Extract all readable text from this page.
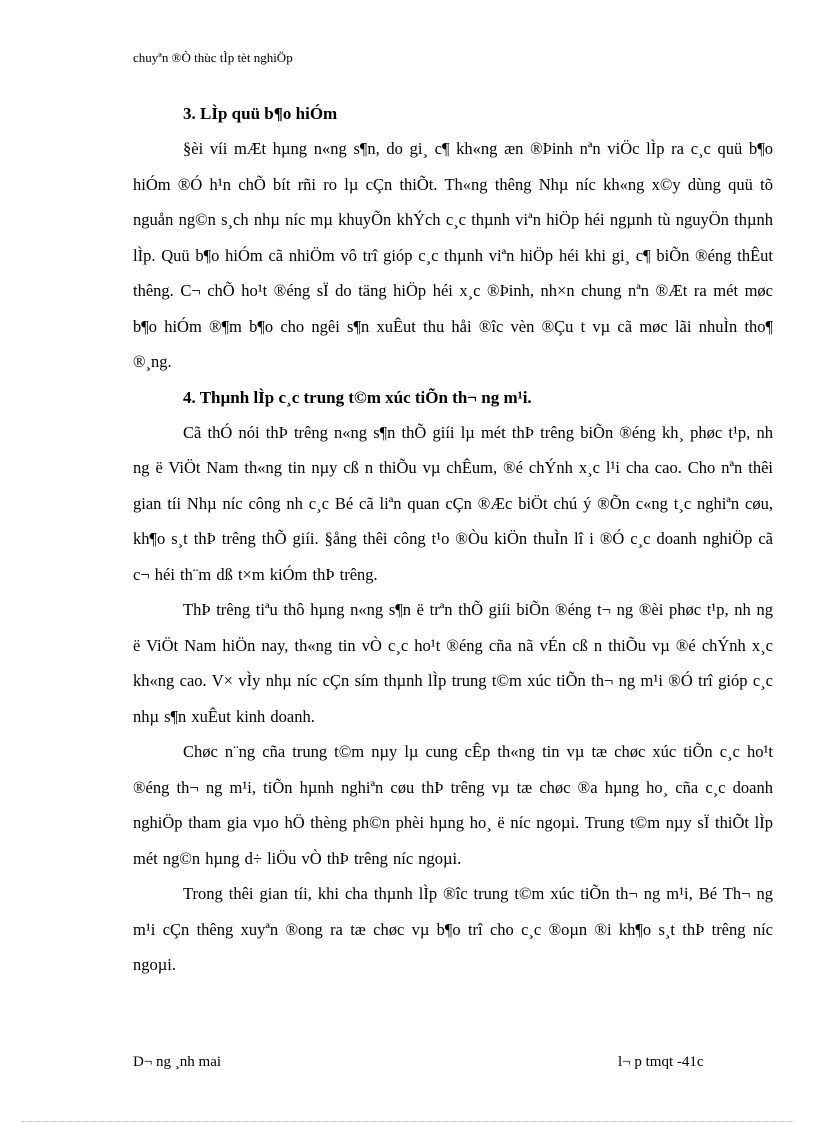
chuyªn ®Ò thùc tÌp tèt nghiÖp

3. LÌp quü b¶o hiÓm

§èi víi mÆt hµng n«ng s¶n, do gi¸ c¶ kh«ng æn ®Þinh nªn viÖc lÌp ra c¸c quü b¶o hiÓm ®Ó h¹n chÕ bít rñi ro lµ cÇn thiÕt. Th«ng thêng Nhµ níc kh«ng x©y dùng quü tõ nguån ng©n s¸ch nhµ níc mµ khuyÕn khÝch c¸c thµnh viªn hiÖp héi ngµnh tù nguyÖn thµnh lÌp. Quü b¶o hiÓm cã nhiÖm vô trî gióp c¸c thµnh viªn hiÖp héi khi gi¸ c¶ biÕn ®éng thÊut thêng. C¬ chÕ ho¹t ®éng sÏ do täng hiÖp héi x¸c ®Þinh, nh×n chung nªn ®Æt ra mét møc b¶o hiÓm ®¶m b¶o cho ngêi s¶n xuÊut thu håi ®îc vèn ®Çu t vµ cã møc lãi nhuÌn tho¶ ®¸ng.

4. Thµnh lÌp c¸c trung t©m xúc tiÕn th¬ ng m¹i.

Cã thÓ nói thÞ trêng n«ng s¶n thÕ giíi lµ mét thÞ trêng biÕn ®éng kh¸ phøc t¹p, nh ng ë ViÖt Nam th«ng tin nµy cß n thiÕu vµ chÊum, ®é chÝnh x¸c l¹i cha cao. Cho nªn thêi gian tíi Nhµ níc công nh c¸c Bé cã liªn quan cÇn ®Æc biÖt chú ý ®Õn c«ng t¸c nghiªn cøu, kh¶o s¸t thÞ trêng thÕ giíi. §ång thêi công t¹o ®Òu kiÖn thuÌn lî i ®Ó c¸c doanh nghiÖp cã c¬ héi th¨m dß t×m kiÓm thÞ trêng.

ThÞ trêng tiªu thô hµng n«ng s¶n ë trªn thÕ giíi biÕn ®éng t¬ ng ®èi phøc t¹p, nh ng ë ViÖt Nam hiÖn nay, th«ng tin vÒ c¸c ho¹t ®éng cña nã vÉn cß n thiÕu vµ ®é chÝnh x¸c kh«ng cao. V× vÌy nhµ níc cÇn sím thµnh lÌp trung t©m xúc tiÕn th¬ ng m¹i ®Ó trî gióp c¸c nhµ s¶n xuÊut kinh doanh.

Chøc n¨ng cña trung t©m nµy lµ cung cÊp th«ng tin vµ tæ chøc xúc tiÕn c¸c ho¹t ®éng th¬ ng m¹i, tiÕn hµnh nghiªn cøu thÞ trêng vµ tæ chøc ®a hµng ho¸ cña c¸c doanh nghiÖp tham gia vµo hÖ thèng ph©n phèi hµng ho¸ ë níc ngoµi. Trung t©m nµy sÏ thiÕt lÌp mét ng©n hµng d÷ liÖu vÒ thÞ trêng níc ngoµi.

Trong thêi gian tíi, khi cha thµnh lÌp ®îc trung t©m xúc tiÕn th¬ ng m¹i, Bé Th¬ ng m¹i cÇn thêng xuyªn ®ong ra tæ chøc vµ b¶o trî cho c¸c ®oµn ®i kh¶o s¸t thÞ trêng níc ngoµi.

D¬ ng ¸nh mai	l¬ p tmqt -41c
